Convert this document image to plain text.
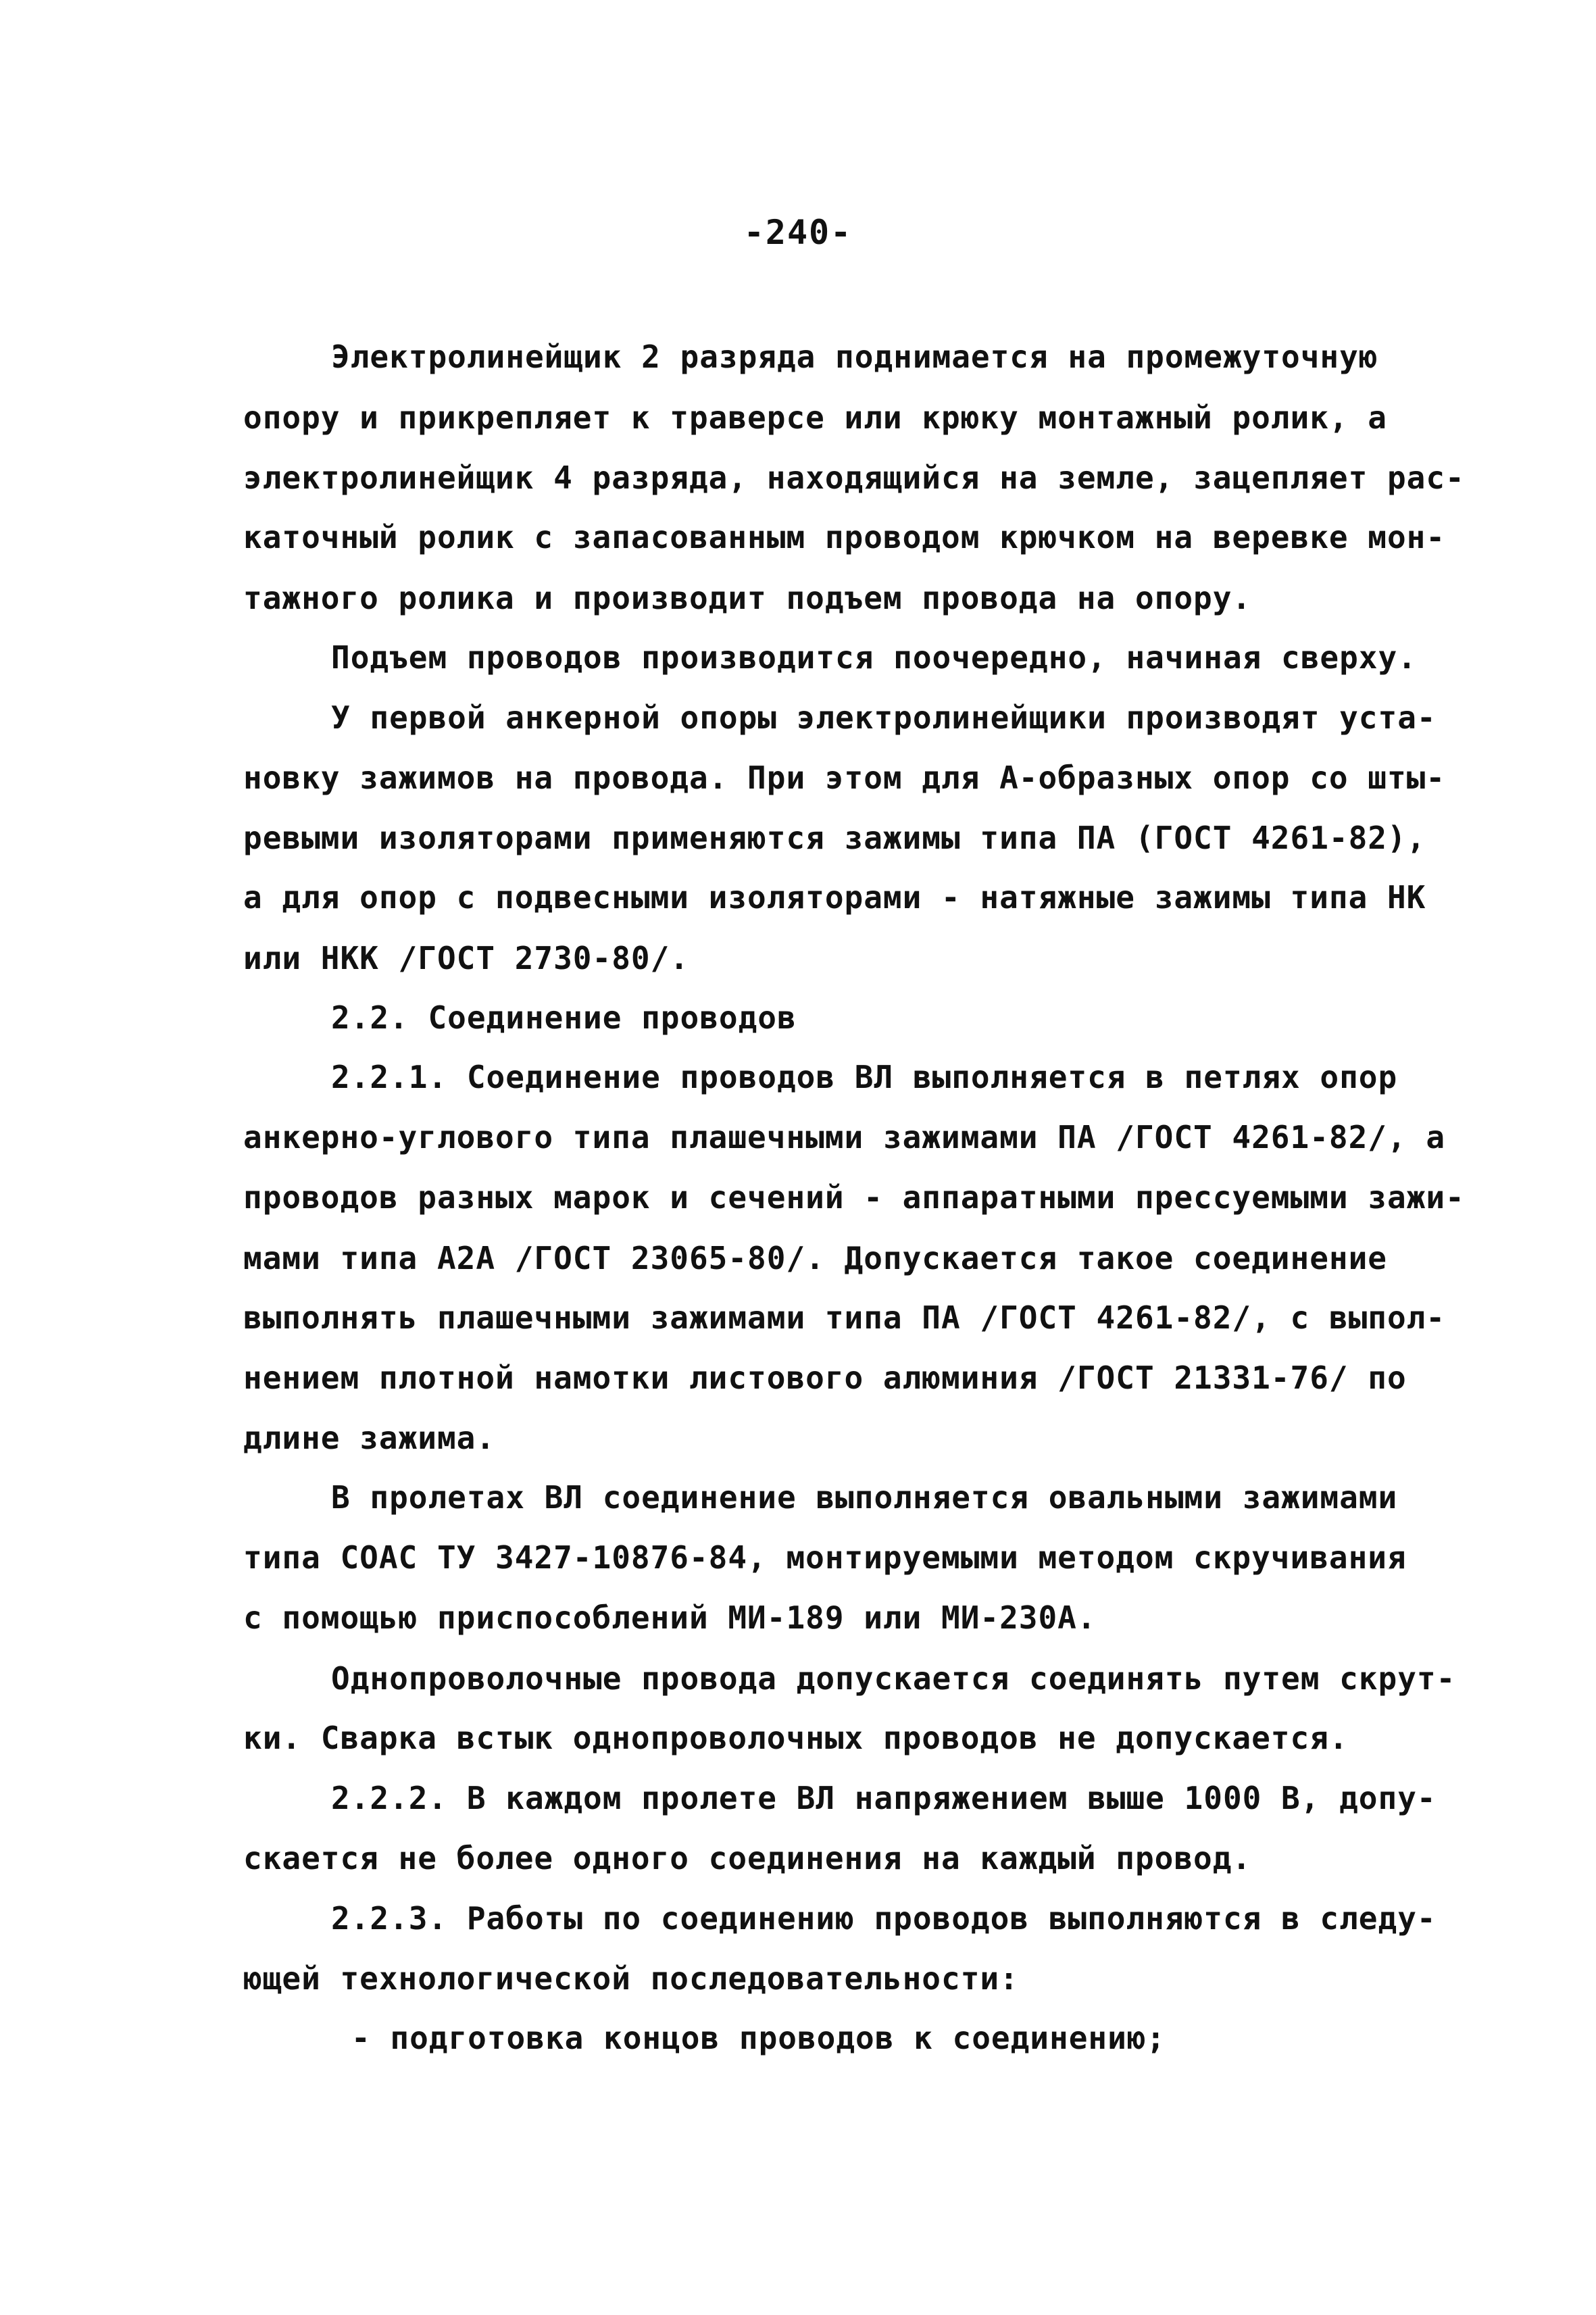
-240-
Электролинейщик 2 разряда поднимается на промежуточную
опору и прикрепляет к траверсе или крюку монтажный ролик, а
электролинейщик 4 разряда, находящийся на земле, зацепляет рас-
каточный ролик с запасованным проводом крючком на веревке мон-
тажного ролика и производит подъем провода на опору.
Подъем проводов производится поочередно, начиная сверху.
У первой анкерной опоры электролинейщики производят уста-
новку зажимов на провода. При этом для А-образных опор со шты-
ревыми изоляторами применяются зажимы типа ПА (ГОСТ 4261-82),
а для опор с подвесными изоляторами - натяжные зажимы типа НК
или НКК /ГОСТ 2730-80/.
2.2. Соединение проводов
2.2.1. Соединение проводов ВЛ выполняется в петлях опор
анкерно-углового типа плашечными зажимами ПА /ГОСТ 4261-82/, а
проводов разных марок и сечений - аппаратными прессуемыми зажи-
мами типа А2А /ГОСТ 23065-80/. Допускается такое соединение
выполнять плашечными зажимами типа ПА /ГОСТ 4261-82/, с выпол-
нением плотной намотки листового алюминия /ГОСТ 21331-76/ по
длине зажима.
В пролетах ВЛ соединение выполняется овальными зажимами
типа СОАС ТУ 3427-10876-84, монтируемыми методом скручивания
с помощью приспособлений МИ-189 или МИ-230А.
Однопроволочные провода допускается соединять путем скрут-
ки. Сварка встык однопроволочных проводов не допускается.
2.2.2. В каждом пролете ВЛ напряжением выше 1000 В, допу-
скается не более одного соединения на каждый провод.
2.2.3. Работы по соединению проводов выполняются в следу-
ющей технологической последовательности:
- подготовка концов проводов к соединению;
